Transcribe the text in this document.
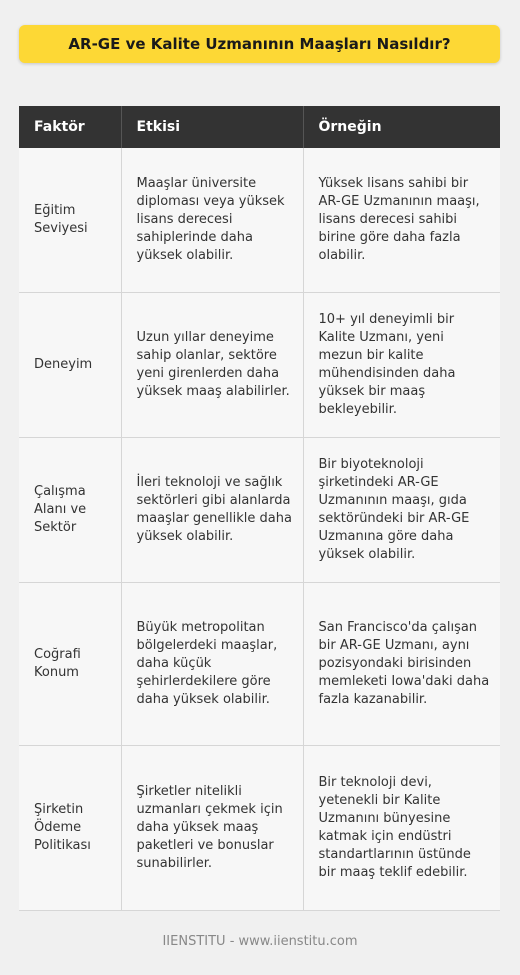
AR-GE ve Kalite Uzmanının Maaşları Nasıldır?
Faktör	Etkisi	Örneğin
Eğitim Seviyesi	Maaşlar üniversite diploması veya yüksek lisans derecesi sahiplerinde daha yüksek olabilir.	Yüksek lisans sahibi bir AR-GE Uzmanının maaşı, lisans derecesi sahibi birine göre daha fazla olabilir.
Deneyim	Uzun yıllar deneyime sahip olanlar, sektöre yeni girenlerden daha yüksek maaş alabilirler.	10+ yıl deneyimli bir Kalite Uzmanı, yeni mezun bir kalite mühendisinden daha yüksek bir maaş bekleyebilir.
Çalışma Alanı ve Sektör	İleri teknoloji ve sağlık sektörleri gibi alanlarda maaşlar genellikle daha yüksek olabilir.	Bir biyoteknoloji şirketindeki AR-GE Uzmanının maaşı, gıda sektöründeki bir AR-GE Uzmanına göre daha yüksek olabilir.
Coğrafi Konum	Büyük metropolitan bölgelerdeki maaşlar, daha küçük şehirlerdekilere göre daha yüksek olabilir.	San Francisco'da çalışan bir AR-GE Uzmanı, aynı pozisyondaki birisinden memleketi Iowa'daki daha fazla kazanabilir.
Şirketin Ödeme Politikası	Şirketler nitelikli uzmanları çekmek için daha yüksek maaş paketleri ve bonuslar sunabilirler.	Bir teknoloji devi, yetenekli bir Kalite Uzmanını bünyesine katmak için endüstri standartlarının üstünde bir maaş teklif edebilir.
IIENSTITU - www.iienstitu.com
